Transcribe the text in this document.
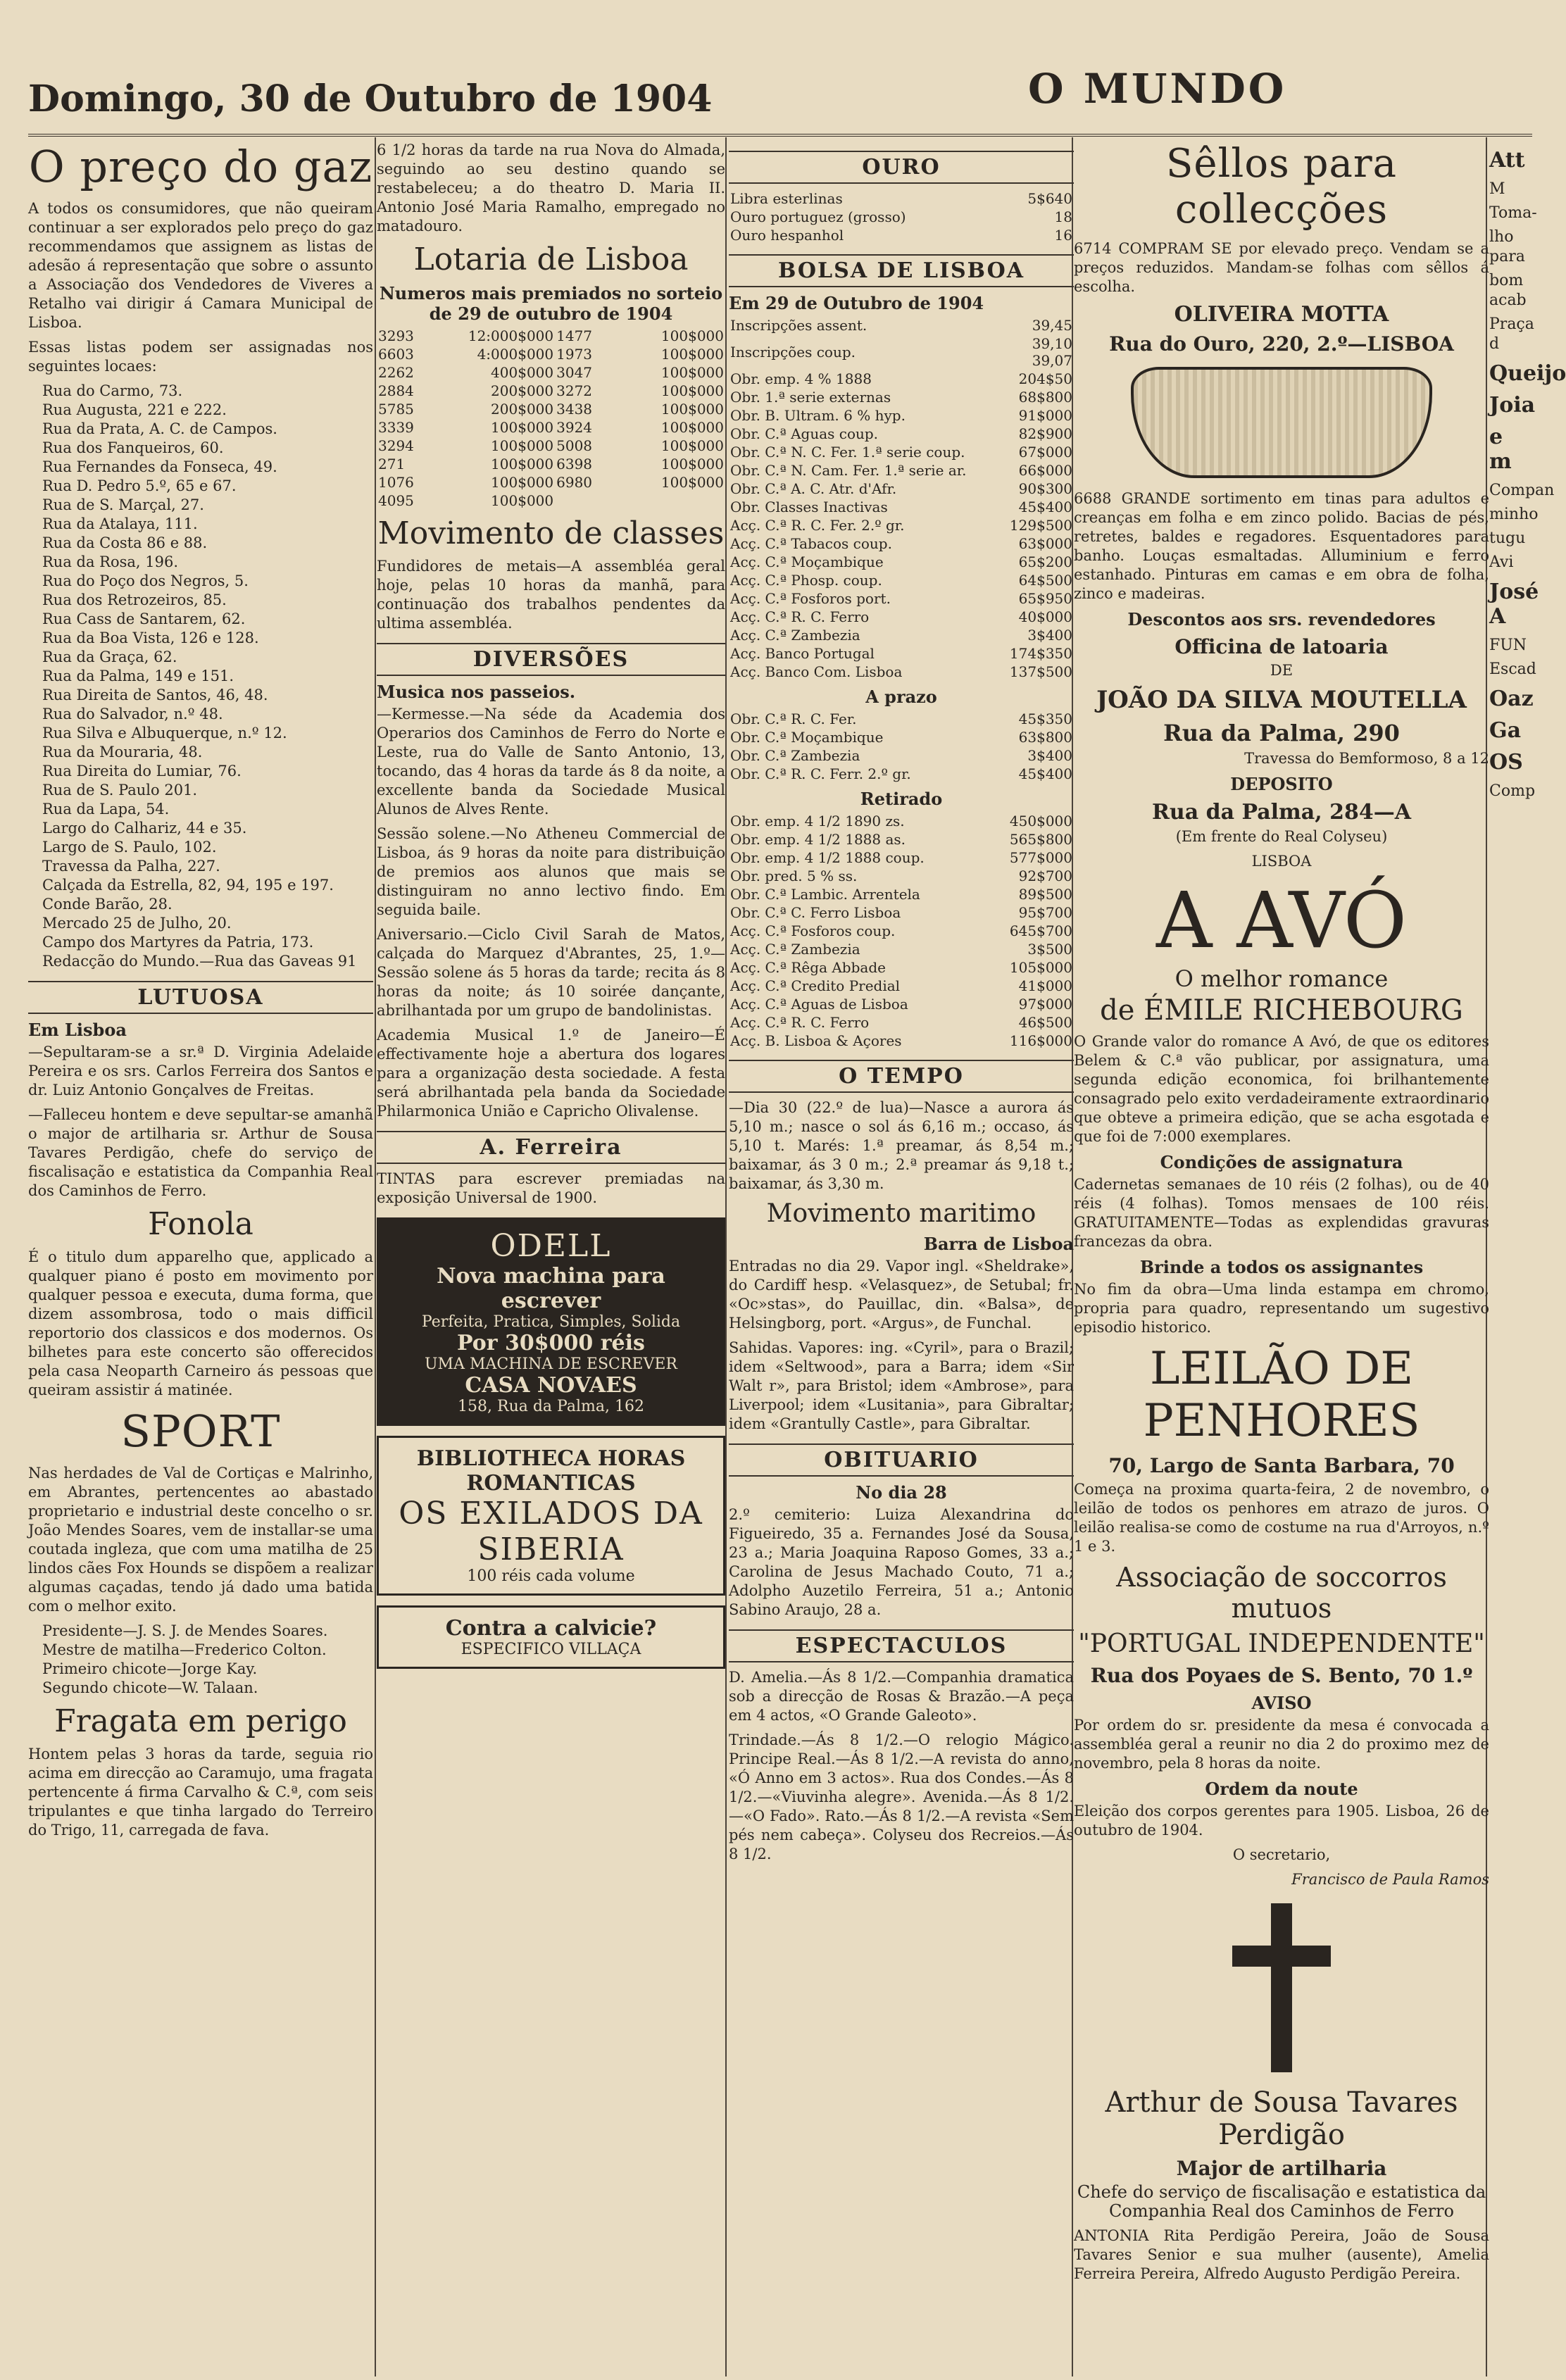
Domingo, 30 de Outubro de 1904	O MUNDO
O preço do gaz

A todos os consumidores, que não queiram continuar a ser explorados pelo preço do gaz recommendamos que assignem as listas de adesão á representação que sobre o assunto a Associação dos Vendedores de Viveres a Retalho vai dirigir á Camara Municipal de Lisboa.

Essas listas podem ser assignadas nos seguintes locaes:

Rua do Carmo, 73.
Rua Augusta, 221 e 222.
Rua da Prata, A. C. de Campos.
Rua dos Fanqueiros, 60.
Rua Fernandes da Fonseca, 49.
Rua D. Pedro 5.º, 65 e 67.
Rua de S. Marçal, 27.
Rua da Atalaya, 111.
Rua da Costa 86 e 88.
Rua da Rosa, 196.
Rua do Poço dos Negros, 5.
Rua dos Retrozeiros, 85.
Rua Cass de Santarem, 62.
Rua da Boa Vista, 126 e 128.
Rua da Graça, 62.
Rua da Palma, 149 e 151.
Rua Direita de Santos, 46, 48.
Rua do Salvador, n.º 48.
Rua Silva e Albuquerque, n.º 12.
Rua da Mouraria, 48.
Rua Direita do Lumiar, 76.
Rua de S. Paulo 201.
Rua da Lapa, 54.
Largo do Calhariz, 44 e 35.
Largo de S. Paulo, 102.
Travessa da Palha, 227.
Calçada da Estrella, 82, 94, 195 e 197.
Conde Barão, 28.
Mercado 25 de Julho, 20.
Campo dos Martyres da Patria, 173.
Redacção do Mundo.—Rua das Gaveas 91
LUTUOSA
Em Lisboa

—Sepultaram-se a sr.ª D. Virginia Adelaide Pereira e os srs. Carlos Ferreira dos Santos e dr. Luiz Antonio Gonçalves de Freitas.

—Falleceu hontem e deve sepultar-se amanhã o major de artilharia sr. Arthur de Sousa Tavares Perdigão, chefe do serviço de fiscalisação e estatistica da Companhia Real dos Caminhos de Ferro.

Fonola

É o titulo dum apparelho que, applicado a qualquer piano é posto em movimento por qualquer pessoa e executa, duma forma, que dizem assombrosa, todo o mais difficil reportorio dos classicos e dos modernos. Os bilhetes para este concerto são offerecidos pela casa Neoparth Carneiro ás pessoas que queiram assistir á matinée.

SPORT

Nas herdades de Val de Cortiças e Malrinho, em Abrantes, pertencentes ao abastado proprietario e industrial deste concelho o sr. João Mendes Soares, vem de installar-se uma coutada ingleza, que com uma matilha de 25 lindos cães Fox Hounds se dispõem a realizar algumas caçadas, tendo já dado uma batida com o melhor exito.

Presidente—J. S. J. de Mendes Soares.
Mestre de matilha—Frederico Colton.
Primeiro chicote—Jorge Kay.
Segundo chicote—W. Talaan.
Fragata em perigo

Hontem pelas 3 horas da tarde, seguia rio acima em direcção ao Caramujo, uma fragata pertencente á firma Carvalho & C.ª, com seis tripulantes e que tinha largado do Terreiro do Trigo, 11, carregada de fava.

6 1/2 horas da tarde na rua Nova do Almada, seguindo ao seu destino quando se restabeleceu; a do theatro D. Maria II. Antonio José Maria Ramalho, empregado no matadouro.

Lotaria de Lisboa
Numeros mais premiados no sorteio de 29 de outubro de 1904
3293	12:000$000	1477	100$000
6603	4:000$000	1973	100$000
2262	400$000	3047	100$000
2884	200$000	3272	100$000
5785	200$000	3438	100$000
3339	100$000	3924	100$000
3294	100$000	5008	100$000
271	100$000	6398	100$000
1076	100$000	6980	100$000
4095	100$000		
Movimento de classes

Fundidores de metais—A assembléa geral hoje, pelas 10 horas da manhã, para continuação dos trabalhos pendentes da ultima assembléa.

DIVERSÕES
Musica nos passeios.

—Kermesse.—Na séde da Academia dos Operarios dos Caminhos de Ferro do Norte e Leste, rua do Valle de Santo Antonio, 13, tocando, das 4 horas da tarde ás 8 da noite, a excellente banda da Sociedade Musical Alunos de Alves Rente.

Sessão solene.—No Atheneu Commercial de Lisboa, ás 9 horas da noite para distribuição de premios aos alunos que mais se distinguiram no anno lectivo findo. Em seguida baile.

Aniversario.—Ciclo Civil Sarah de Matos, calçada do Marquez d'Abrantes, 25, 1.º—Sessão solene ás 5 horas da tarde; recita ás 8 horas da noite; ás 10 soirée dançante, abrilhantada por um grupo de bandolinistas.

Academia Musical 1.º de Janeiro—É effectivamente hoje a abertura dos logares para a organização desta sociedade. A festa será abrilhantada pela banda da Sociedade Philarmonica União e Capricho Olivalense.

A. Ferreira

TINTAS para escrever premiadas na exposição Universal de 1900.

ODELL
Nova machina para escrever
Perfeita, Pratica, Simples, Solida
Por 30$000 réis
UMA MACHINA DE ESCREVER
CASA NOVAES
158, Rua da Palma, 162
BIBLIOTHECA HORAS ROMANTICAS
OS EXILADOS DA SIBERIA
100 réis cada volume
Contra a calvicie?
ESPECIFICO VILLAÇA
OURO
Libra esterlinas	5$640
Ouro portuguez (grosso)	18
Ouro hespanhol	16
BOLSA DE LISBOA
Em 29 de Outubro de 1904
Inscripções assent.	39,45
Inscripções coup.	39,10 39,07
Obr. emp. 4 % 1888	204$50
Obr. 1.ª serie externas	68$800
Obr. B. Ultram. 6 % hyp.	91$000
Obr. C.ª Aguas coup.	82$900
Obr. C.ª N. C. Fer. 1.ª serie coup.	67$000
Obr. C.ª N. Cam. Fer. 1.ª serie ar.	66$000
Obr. C.ª A. C. Atr. d'Afr.	90$300
Obr. Classes Inactivas	45$400
Acç. C.ª R. C. Fer. 2.º gr.	129$500
Acç. C.ª Tabacos coup.	63$000
Acç. C.ª Moçambique	65$200
Acç. C.ª Phosp. coup.	64$500
Acç. C.ª Fosforos port.	65$950
Acç. C.ª R. C. Ferro	40$000
Acç. C.ª Zambezia	3$400
Acç. Banco Portugal	174$350
Acç. Banco Com. Lisboa	137$500
A prazo
Obr. C.ª R. C. Fer.	45$350
Obr. C.ª Moçambique	63$800
Obr. C.ª Zambezia	3$400
Obr. C.ª R. C. Ferr. 2.º gr.	45$400
Retirado
Obr. emp. 4 1/2 1890 zs.	450$000
Obr. emp. 4 1/2 1888 as.	565$800
Obr. emp. 4 1/2 1888 coup.	577$000
Obr. pred. 5 % ss.	92$700
Obr. C.ª Lambic. Arrentela	89$500
Obr. C.ª C. Ferro Lisboa	95$700
Acç. C.ª Fosforos coup.	645$700
Acç. C.ª Zambezia	3$500
Acç. C.ª Rêga Abbade	105$000
Acç. C.ª Credito Predial	41$000
Acç. C.ª Aguas de Lisboa	97$000
Acç. C.ª R. C. Ferro	46$500
Acç. B. Lisboa & Açores	116$000
O TEMPO

—Dia 30 (22.º de lua)—Nasce a aurora ás 5,10 m.; nasce o sol ás 6,16 m.; occaso, ás 5,10 t. Marés: 1.ª preamar, ás 8,54 m.; baixamar, ás 3 0 m.; 2.ª preamar ás 9,18 t.; baixamar, ás 3,30 m.

Movimento maritimo
Barra de Lisboa

Entradas no dia 29. Vapor ingl. «Sheldrake», do Cardiff hesp. «Velasquez», de Setubal; fr. «Oc»stas», do Pauillac, din. «Balsa», de Helsingborg, port. «Argus», de Funchal.

Sahidas. Vapores: ing. «Cyril», para o Brazil; idem «Seltwood», para a Barra; idem «Sir Walt r», para Bristol; idem «Ambrose», para Liverpool; idem «Lusitania», para Gibraltar; idem «Grantully Castle», para Gibraltar.

OBITUARIO
No dia 28

2.º cemiterio: Luiza Alexandrina do Figueiredo, 35 a. Fernandes José da Sousa, 23 a.; Maria Joaquina Raposo Gomes, 33 a.; Carolina de Jesus Machado Couto, 71 a.; Adolpho Auzetilo Ferreira, 51 a.; Antonio Sabino Araujo, 28 a.

ESPECTACULOS

D. Amelia.—Ás 8 1/2.—Companhia dramatica sob a direcção de Rosas & Brazão.—A peça em 4 actos, «O Grande Galeoto».

Trindade.—Ás 8 1/2.—O relogio Mágico. Principe Real.—Ás 8 1/2.—A revista do anno, «Ó Anno em 3 actos». Rua dos Condes.—Ás 8 1/2.—«Viuvinha alegre». Avenida.—Ás 8 1/2.—«O Fado». Rato.—Ás 8 1/2.—A revista «Sem pés nem cabeça». Colyseu dos Recreios.—Ás 8 1/2.

Sêllos para collecções

6714 COMPRAM SE por elevado preço. Vendam se a preços reduzidos. Mandam-se folhas com sêllos á escolha.

OLIVEIRA MOTTA
Rua do Ouro, 220, 2.º—LISBOA

6688 GRANDE sortimento em tinas para adultos e creanças em folha e em zinco polido. Bacias de pés, retretes, baldes e regadores. Esquentadores para banho. Louças esmaltadas. Alluminium e ferro estanhado. Pinturas em camas e em obra de folha, zinco e madeiras.

Descontos aos srs. revendedores
Officina de latoaria

DE

JOÃO DA SILVA MOUTELLA
Rua da Palma, 290

Travessa do Bemformoso, 8 a 12

DEPOSITO
Rua da Palma, 284—A

(Em frente do Real Colyseu)

LISBOA

A AVÓ

O melhor romance

de ÉMILE RICHEBOURG

O Grande valor do romance A Avó, de que os editores Belem & C.ª vão publicar, por assignatura, uma segunda edição economica, foi brilhantemente consagrado pelo exito verdadeiramente extraordinario que obteve a primeira edição, que se acha esgotada e que foi de 7:000 exemplares.

Condições de assignatura

Cadernetas semanaes de 10 réis (2 folhas), ou de 40 réis (4 folhas). Tomos mensaes de 100 réis. GRATUITAMENTE—Todas as explendidas gravuras francezas da obra.

Brinde a todos os assignantes

No fim da obra—Uma linda estampa em chromo, propria para quadro, representando um sugestivo episodio historico.

LEILÃO DE PENHORES
70, Largo de Santa Barbara, 70

Começa na proxima quarta-feira, 2 de novembro, o leilão de todos os penhores em atrazo de juros. O leilão realisa-se como de costume na rua d'Arroyos, n.º 1 e 3.

Associação de soccorros mutuos
"PORTUGAL INDEPENDENTE"
Rua dos Poyaes de S. Bento, 70 1.º
AVISO

Por ordem do sr. presidente da mesa é convocada a assembléa geral a reunir no dia 2 do proximo mez de novembro, pela 8 horas da noite.

Ordem da noute

Eleição dos corpos gerentes para 1905. Lisboa, 26 de outubro de 1904.

O secretario,

Francisco de Paula Ramos

Arthur de Sousa Tavares Perdigão
Major de artilharia

Chefe do serviço de fiscalisação e estatistica da Companhia Real dos Caminhos de Ferro

ANTONIA Rita Perdigão Pereira, João de Sousa Tavares Senior e sua mulher (ausente), Amelia Ferreira Pereira, Alfredo Augusto Perdigão Pereira.

Att
M
Toma-
lho para
bom acab
Praça d
Queijo
Joia
e m
Compan
minho
tugu
Avi
José A
FUN
Escad
Oaz
Ga
OS
Comp
